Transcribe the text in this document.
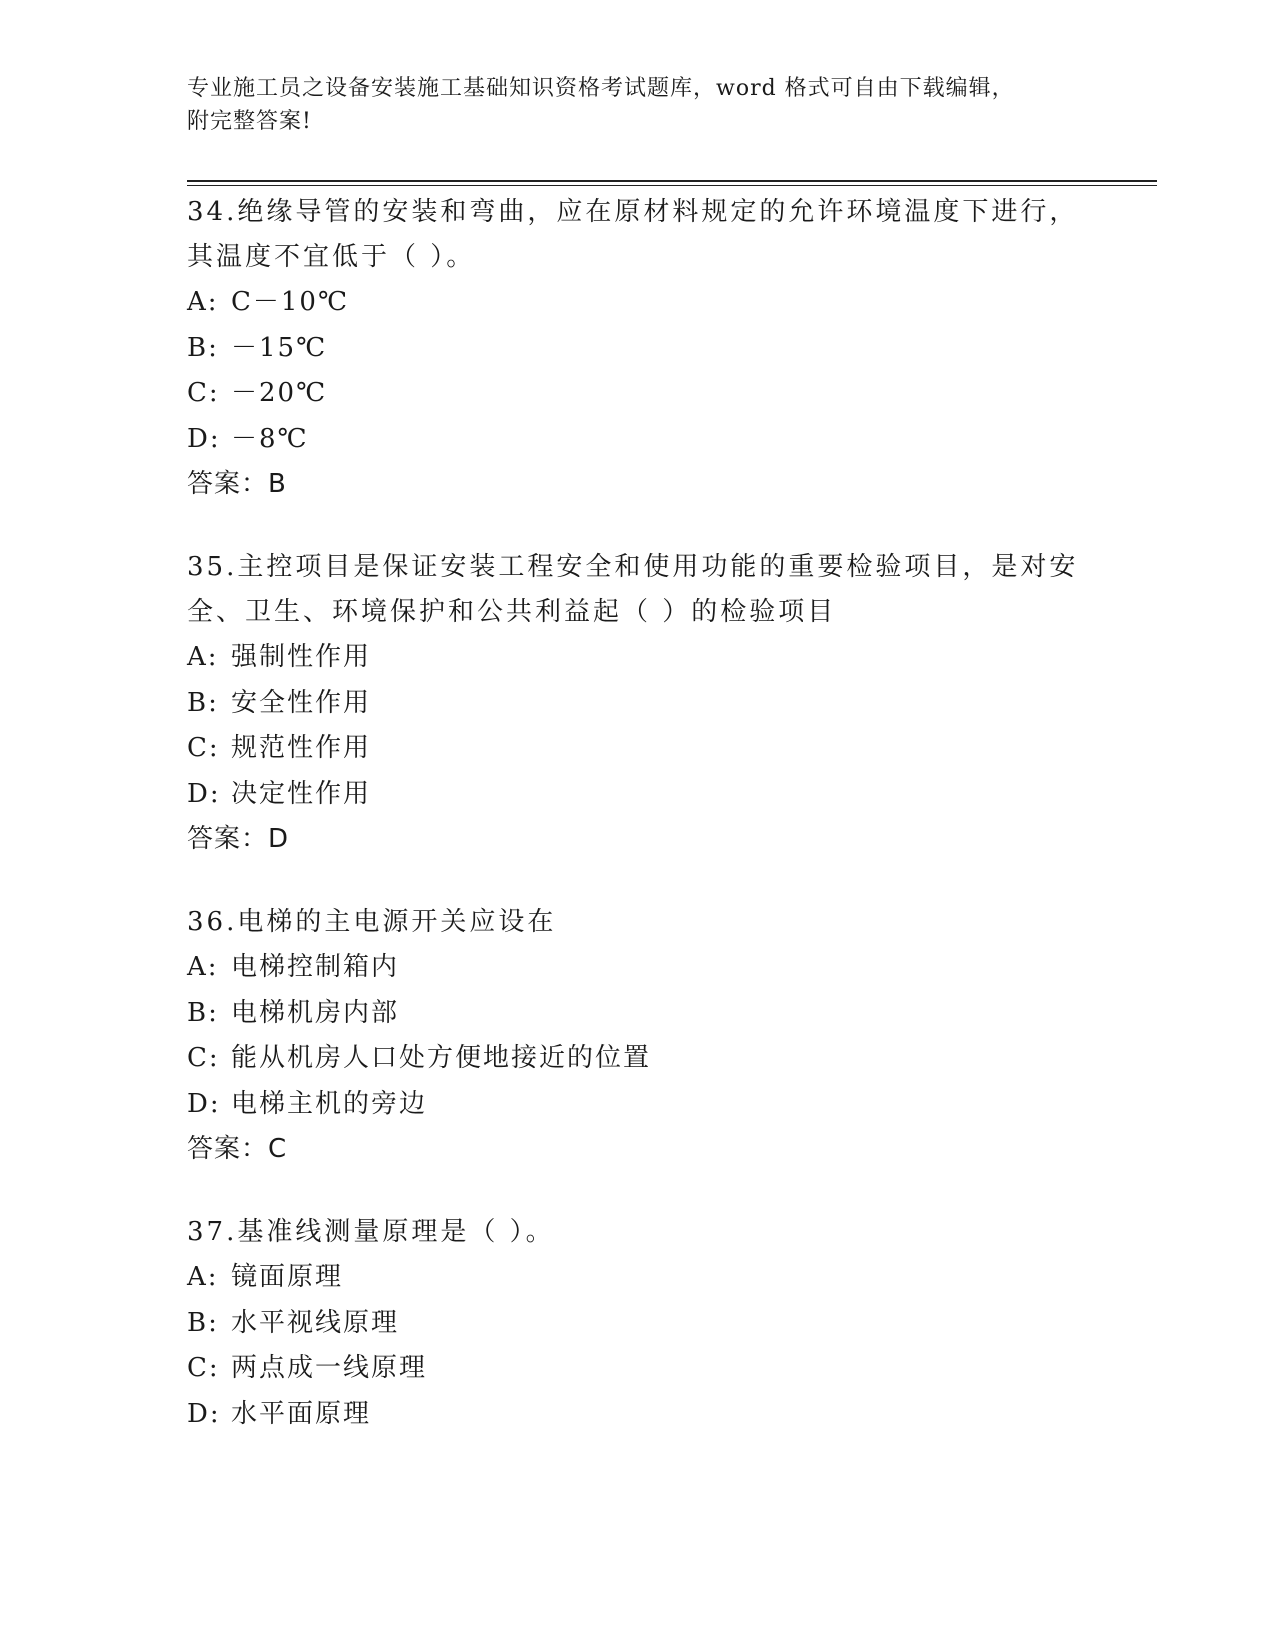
专业施工员之设备安装施工基础知识资格考试题库，word 格式可自由下载编辑，
附完整答案!

34.绝缘导管的安装和弯曲，应在原材料规定的允许环境温度下进行，其温度不宜低于（ ）。

A: C－10℃

B: －15℃

C: －20℃

D: －8℃

答案：B

35.主控项目是保证安装工程安全和使用功能的重要检验项目，是对安全、卫生、环境保护和公共利益起（ ）的检验项目

A: 强制性作用

B: 安全性作用

C: 规范性作用

D: 决定性作用

答案：D

36.电梯的主电源开关应设在

A: 电梯控制箱内

B: 电梯机房内部

C: 能从机房人口处方便地接近的位置

D: 电梯主机的旁边

答案：C

37.基准线测量原理是（ ）。

A: 镜面原理

B: 水平视线原理

C: 两点成一线原理

D: 水平面原理
